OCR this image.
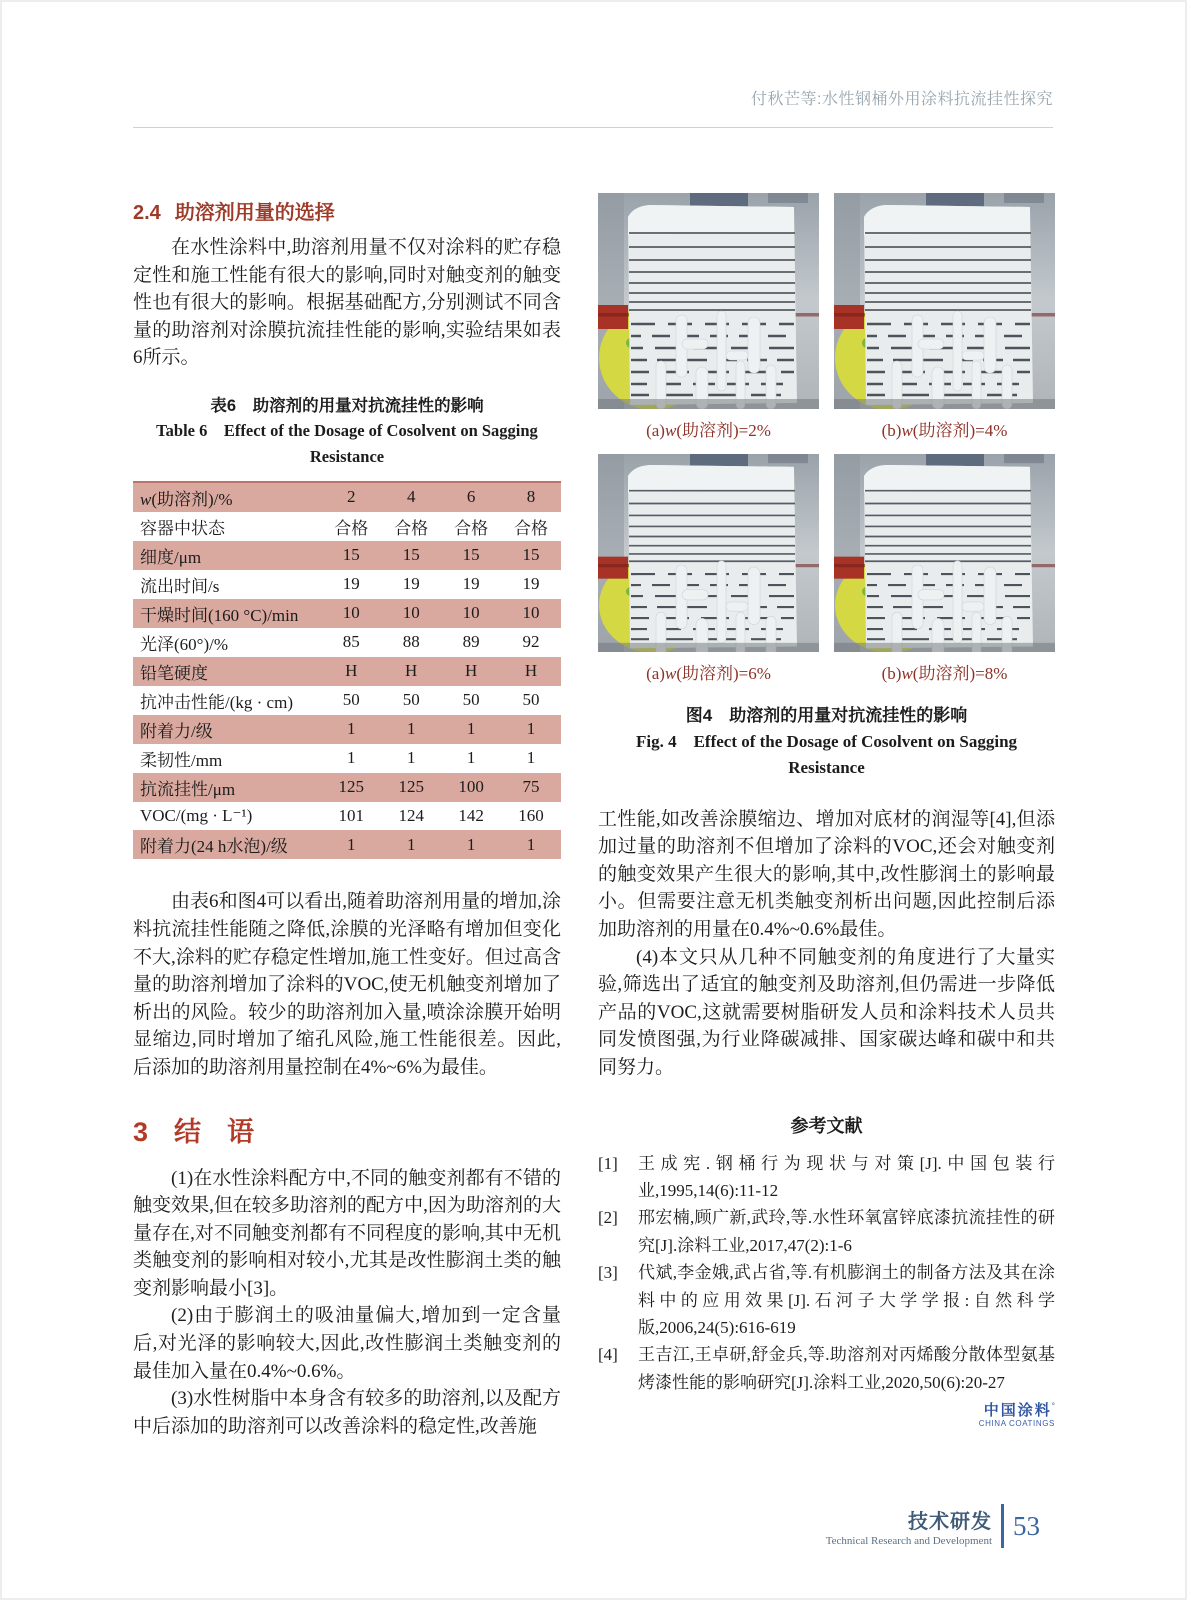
付秋芒等:水性钢桶外用涂料抗流挂性探究
2.4 助溶剂用量的选择

在水性涂料中,助溶剂用量不仅对涂料的贮存稳定性和施工性能有很大的影响,同时对触变剂的触变性也有很大的影响。根据基础配方,分别测试不同含量的助溶剂对涂膜抗流挂性能的影响,实验结果如表6所示。

表6　助溶剂的用量对抗流挂性的影响
Table 6　Effect of the Dosage of Cosolvent on Sagging Resistance
w(助溶剂)/%	2	4	6	8
容器中状态	合格	合格	合格	合格
细度/μm	15	15	15	15
流出时间/s	19	19	19	19
干燥时间(160 °C)/min	10	10	10	10
光泽(60°)/%	85	88	89	92
铅笔硬度	H	H	H	H
抗冲击性能/(kg · cm)	50	50	50	50
附着力/级	1	1	1	1
柔韧性/mm	1	1	1	1
抗流挂性/μm	125	125	100	75
VOC/(mg · L⁻¹)	101	124	142	160
附着力(24 h水泡)/级	1	1	1	1

由表6和图4可以看出,随着助溶剂用量的增加,涂料抗流挂性能随之降低,涂膜的光泽略有增加但变化不大,涂料的贮存稳定性增加,施工性变好。但过高含量的助溶剂增加了涂料的VOC,使无机触变剂增加了析出的风险。较少的助溶剂加入量,喷涂涂膜开始明显缩边,同时增加了缩孔风险,施工性能很差。因此,后添加的助溶剂用量控制在4%~6%为最佳。

3 结语

(1)在水性涂料配方中,不同的触变剂都有不错的触变效果,但在较多助溶剂的配方中,因为助溶剂的大量存在,对不同触变剂都有不同程度的影响,其中无机类触变剂的影响相对较小,尤其是改性膨润土类的触变剂影响最小[3]。

(2)由于膨润土的吸油量偏大,增加到一定含量后,对光泽的影响较大,因此,改性膨润土类触变剂的最佳加入量在0.4%~0.6%。

(3)水性树脂中本身含有较多的助溶剂,以及配方中后添加的助溶剂可以改善涂料的稳定性,改善施

(a)w(助溶剂)=2%	(b)w(助溶剂)=4%
(a)w(助溶剂)=6%	(b)w(助溶剂)=8%
图4　助溶剂的用量对抗流挂性的影响
Fig. 4　Effect of the Dosage of Cosolvent on Sagging Resistance

工性能,如改善涂膜缩边、增加对底材的润湿等[4],但添加过量的助溶剂不但增加了涂料的VOC,还会对触变剂的触变效果产生很大的影响,其中,改性膨润土的影响最小。但需要注意无机类触变剂析出问题,因此控制后添加助溶剂的用量在0.4%~0.6%最佳。

(4)本文只从几种不同触变剂的角度进行了大量实验,筛选出了适宜的触变剂及助溶剂,但仍需进一步降低产品的VOC,这就需要树脂研发人员和涂料技术人员共同发愤图强,为行业降碳减排、国家碳达峰和碳中和共同努力。

参考文献
[1]	王成宪.钢桶行为现状与对策[J].中国包装行业,1995,14(6):11-12
[2]	邢宏楠,顾广新,武玲,等.水性环氧富锌底漆抗流挂性的研究[J].涂料工业,2017,47(2):1-6
[3]	代斌,李金娥,武占省,等.有机膨润土的制备方法及其在涂料中的应用效果[J].石河子大学学报:自然科学版,2006,24(5):616-619
[4]	王吉江,王卓研,舒金兵,等.助溶剂对丙烯酸分散体型氨基烤漆性能的影响研究[J].涂料工业,2020,50(6):20-27
中国涂料°
CHINA COATINGS
技术研发
Technical Research and Development
53
